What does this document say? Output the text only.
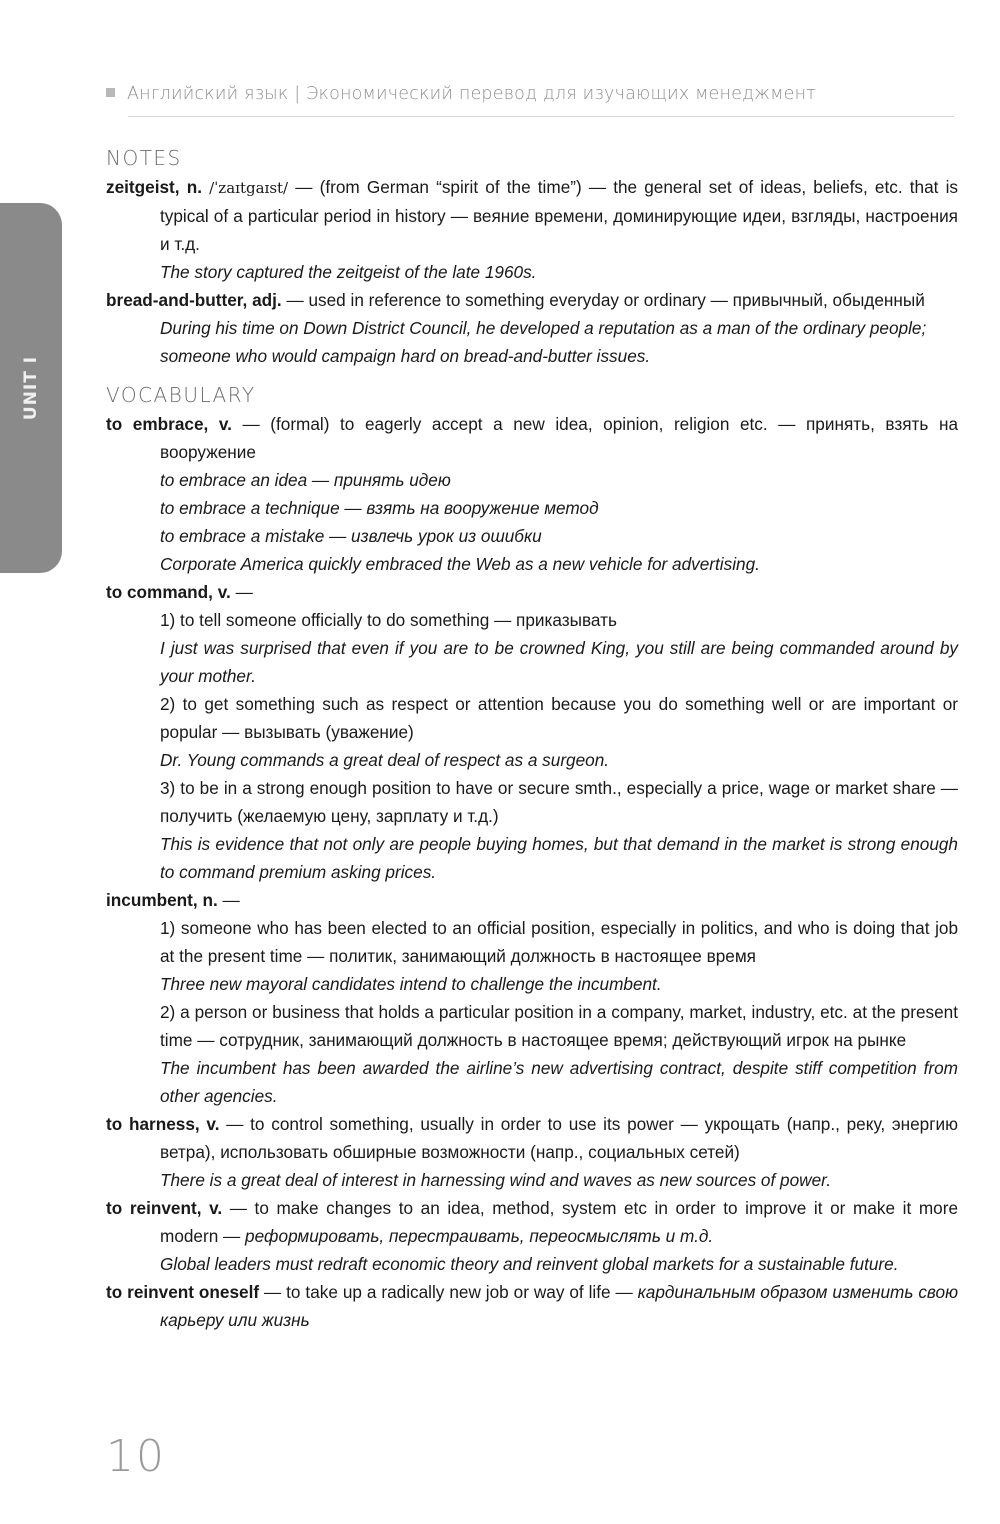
Английский язык | Экономический перевод для изучающих менеджмент
UNIT I
NOTES
zeitgeist, n. /ˈzaɪtgaɪst/ — (from German “spirit of the time”) — the general set of ideas, beliefs, etc. that is typical of a particular period in history — веяние времени, доминирующие идеи, взгляды, настроения и т.д.
The story captured the zeitgeist of the late 1960s.
bread-and-butter, adj. — used in reference to something everyday or ordinary — привычный, обыденный
During his time on Down District Council, he developed a reputation as a man of the ordinary people; someone who would campaign hard on bread-and-butter issues.
VOCABULARY
to embrace, v. — (formal) to eagerly accept a new idea, opinion, religion etc. — принять, взять на вооружение
to embrace an idea — принять идею
to embrace a technique — взять на вооружение метод
to embrace a mistake — извлечь урок из ошибки
Corporate America quickly embraced the Web as a new vehicle for advertising.
to command, v. —
1) to tell someone officially to do something — приказывать
I just was surprised that even if you are to be crowned King, you still are being commanded around by your mother.
2) to get something such as respect or attention because you do something well or are important or popular — вызывать (уважение)
Dr. Young commands a great deal of respect as a surgeon.
3) to be in a strong enough position to have or secure smth., especially a price, wage or market share — получить (желаемую цену, зарплату и т.д.)
This is evidence that not only are people buying homes, but that demand in the market is strong enough to command premium asking prices.
incumbent, n. —
1) someone who has been elected to an official position, especially in politics, and who is doing that job at the present time — политик, занимающий должность в настоящее время
Three new mayoral candidates intend to challenge the incumbent.
2) a person or business that holds a particular position in a company, market, industry, etc. at the present time — сотрудник, занимающий должность в настоящее время; действующий игрок на рынке
The incumbent has been awarded the airline’s new advertising contract, despite stiff competition from other agencies.
to harness, v. — to control something, usually in order to use its power — укрощать (напр., реку, энергию ветра), использовать обширные возможности (напр., социальных сетей)
There is a great deal of interest in harnessing wind and waves as new sources of power.
to reinvent, v. — to make changes to an idea, method, system etc in order to improve it or make it more modern — реформировать, перестраивать, переосмыслять и т.д.
Global leaders must redraft economic theory and reinvent global markets for a sustainable future.
to reinvent oneself — to take up a radically new job or way of life — кардинальным образом изменить свою карьеру или жизнь
10
